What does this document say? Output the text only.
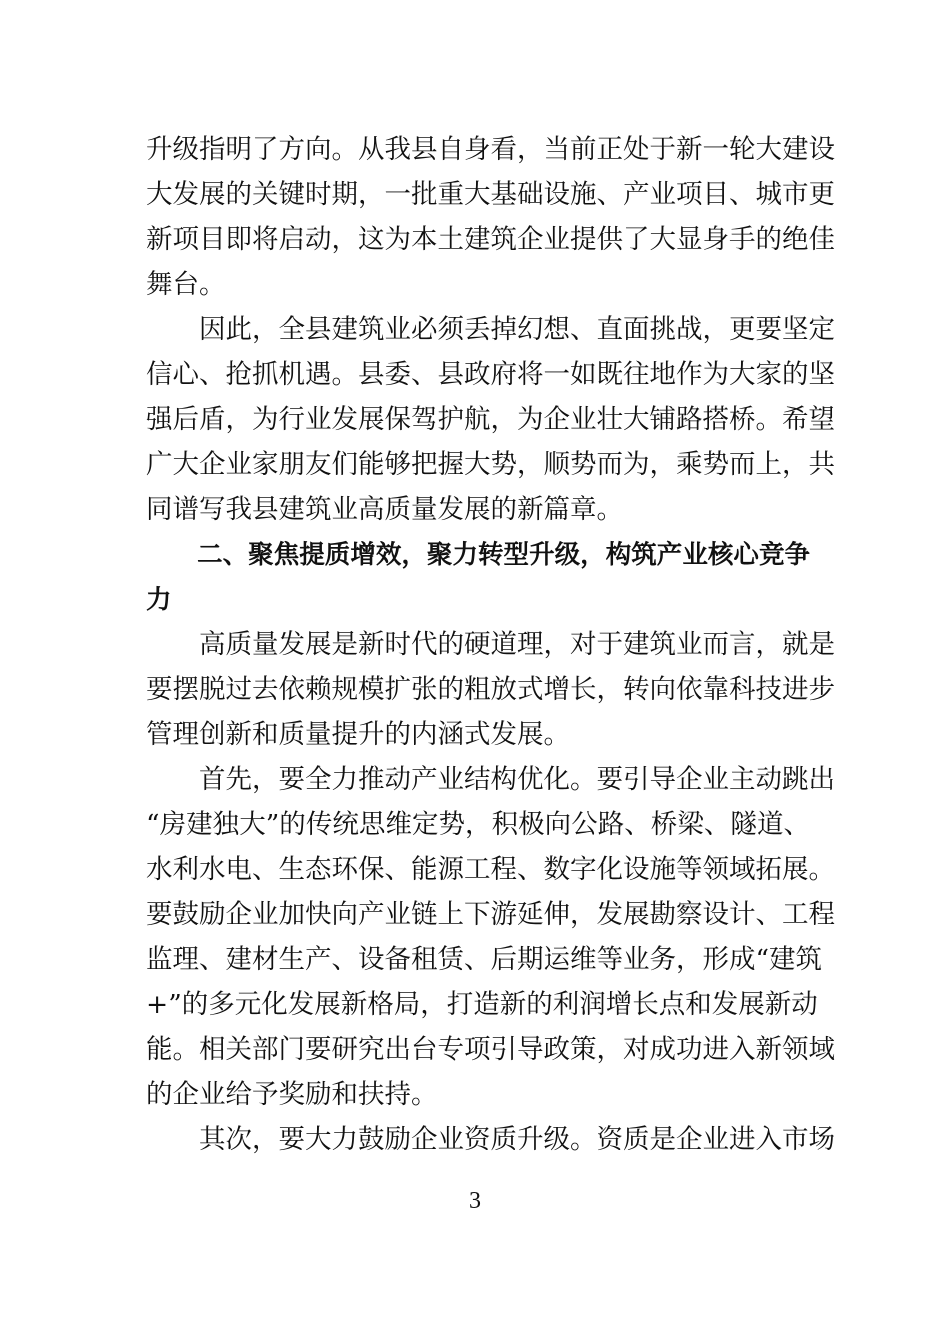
升级指明了方向。从我县自身看，当前正处于新一轮大建设
大发展的关键时期，一批重大基础设施、产业项目、城市更
新项目即将启动，这为本土建筑企业提供了大显身手的绝佳
舞台。
　　因此，全县建筑业必须丢掉幻想、直面挑战，更要坚定
信心、抢抓机遇。县委、县政府将一如既往地作为大家的坚
强后盾，为行业发展保驾护航，为企业壮大铺路搭桥。希望
广大企业家朋友们能够把握大势，顺势而为，乘势而上，共
同谱写我县建筑业高质量发展的新篇章。
　　二、聚焦提质增效，聚力转型升级，构筑产业核心竞争
力
　　高质量发展是新时代的硬道理，对于建筑业而言，就是
要摆脱过去依赖规模扩张的粗放式增长，转向依靠科技进步
管理创新和质量提升的内涵式发展。
　　首先，要全力推动产业结构优化。要引导企业主动跳出
“房建独大”的传统思维定势，积极向公路、桥梁、隧道、
水利水电、生态环保、能源工程、数字化设施等领域拓展。
要鼓励企业加快向产业链上下游延伸，发展勘察设计、工程
监理、建材生产、设备租赁、后期运维等业务，形成“建筑
+”的多元化发展新格局，打造新的利润增长点和发展新动
能。相关部门要研究出台专项引导政策，对成功进入新领域
的企业给予奖励和扶持。
　　其次，要大力鼓励企业资质升级。资质是企业进入市场
3
